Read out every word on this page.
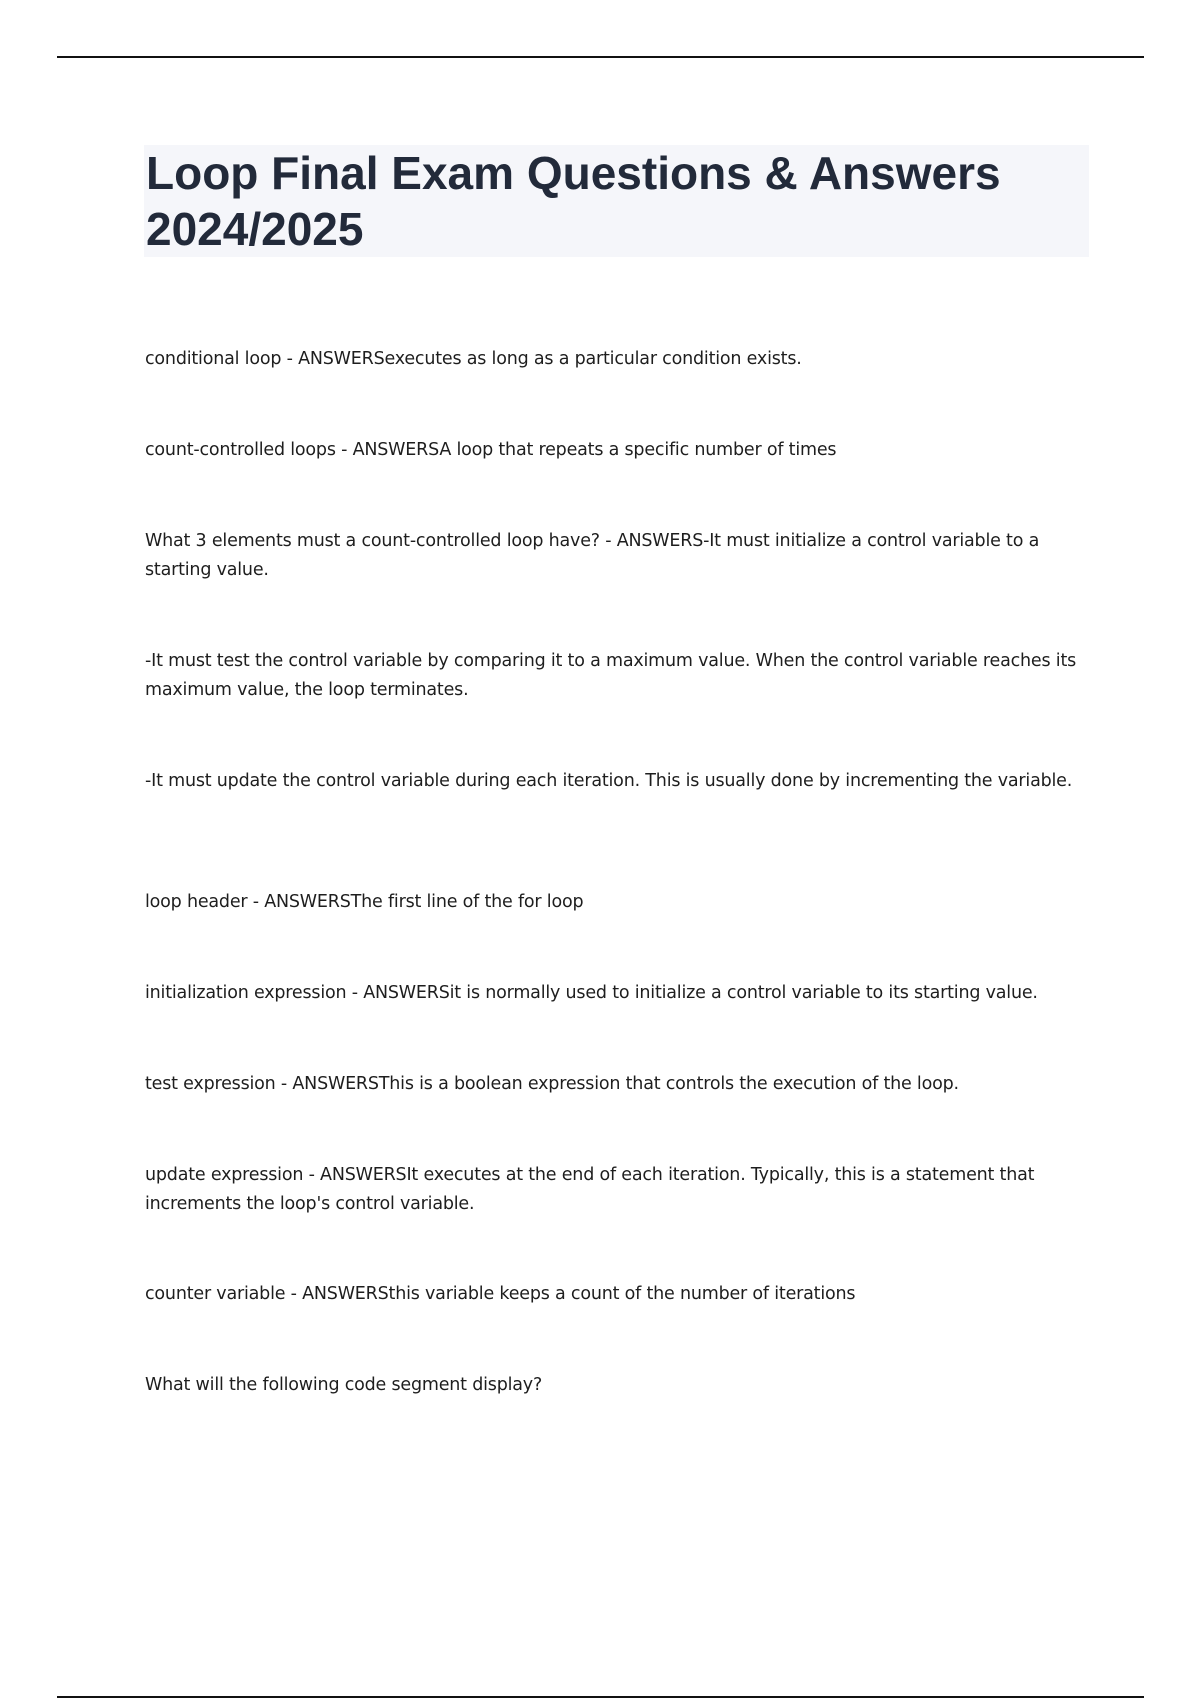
Loop Final Exam Questions & Answers 2024/2025

conditional loop - ANSWERSexecutes as long as a particular condition exists.

count-controlled loops - ANSWERSA loop that repeats a specific number of times

What 3 elements must a count-controlled loop have? - ANSWERS-It must initialize a control variable to a starting value.

-It must test the control variable by comparing it to a maximum value. When the control variable reaches its maximum value, the loop terminates.

-It must update the control variable during each iteration. This is usually done by incrementing the variable.

loop header - ANSWERSThe first line of the for loop

initialization expression - ANSWERSit is normally used to initialize a control variable to its starting value.

test expression - ANSWERSThis is a boolean expression that controls the execution of the loop.

update expression - ANSWERSIt executes at the end of each iteration. Typically, this is a statement that increments the loop's control variable.

counter variable - ANSWERSthis variable keeps a count of the number of iterations

What will the following code segment display?
